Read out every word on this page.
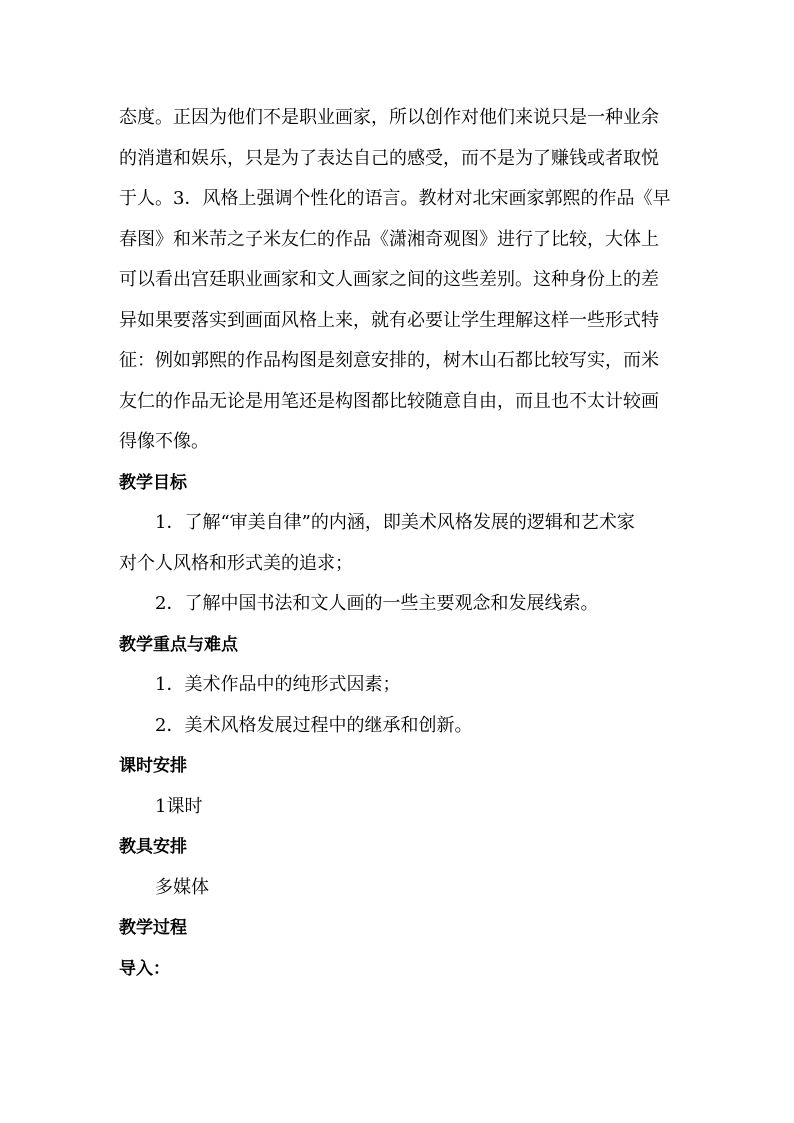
态度。正因为他们不是职业画家，所以创作对他们来说只是一种业余

的消遣和娱乐，只是为了表达自己的感受，而不是为了赚钱或者取悦

于人。3．风格上强调个性化的语言。教材对北宋画家郭熙的作品《早

春图》和米芾之子米友仁的作品《潇湘奇观图》进行了比较，大体上

可以看出宫廷职业画家和文人画家之间的这些差别。这种身份上的差

异如果要落实到画面风格上来，就有必要让学生理解这样一些形式特

征：例如郭熙的作品构图是刻意安排的，树木山石都比较写实，而米

友仁的作品无论是用笔还是构图都比较随意自由，而且也不太计较画

得像不像。

教学目标

1．了解“审美自律”的内涵，即美术风格发展的逻辑和艺术家

对个人风格和形式美的追求；

2．了解中国书法和文人画的一些主要观念和发展线索。

教学重点与难点

1．美术作品中的纯形式因素；

2．美术风格发展过程中的继承和创新。

课时安排

1课时

教具安排

多媒体

教学过程
导入：
